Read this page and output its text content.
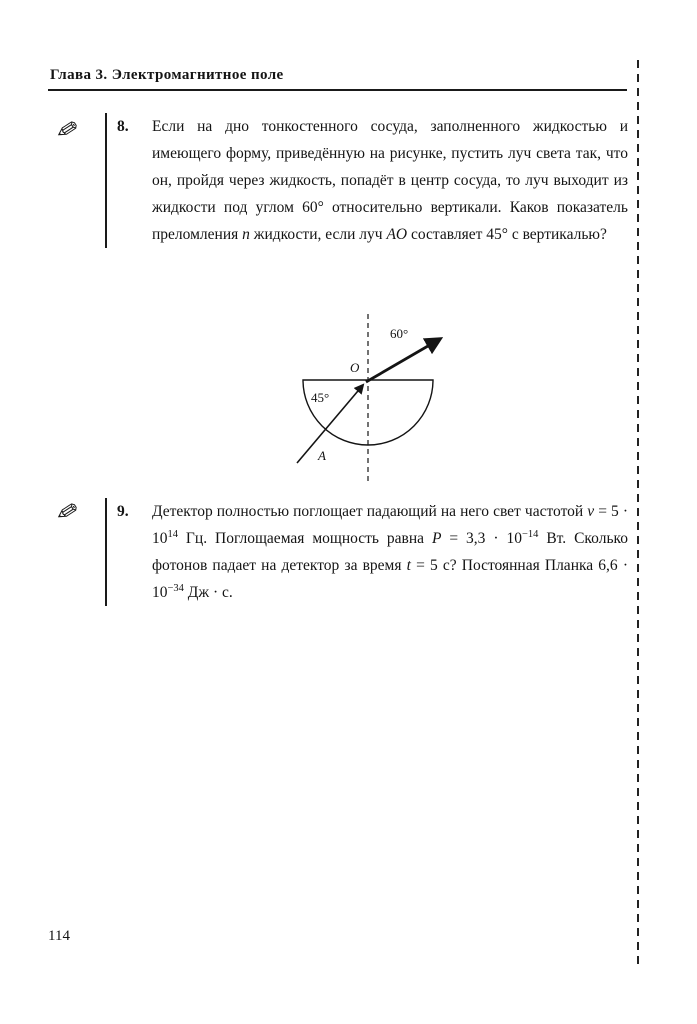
Глава 3. Электромагнитное поле
✎	8.	Если на дно тонкостенного сосуда, заполненного жидкостью и имеющего форму, приведённую на рисунке, пустить луч света так, что он, пройдя через жидкость, попадёт в центр сосуда, то луч выходит из жидкости под углом 60° относительно вертикали. Каков показатель преломления n жидкости, если луч AO составляет 45° с вертикалью?
60°
O
45°
A
✎	9.	Детектор полностью поглощает падающий на него свет частотой $\nu = 5 \cdot 10^{14}$ Гц. Поглощаемая мощность равна $P = 3,3 \cdot 10^{-14}$ Вт. Сколько фотонов падает на детектор за время t = 5 с? Постоянная Планка $6,6 \cdot 10^{-34}$ Дж · с.
114
